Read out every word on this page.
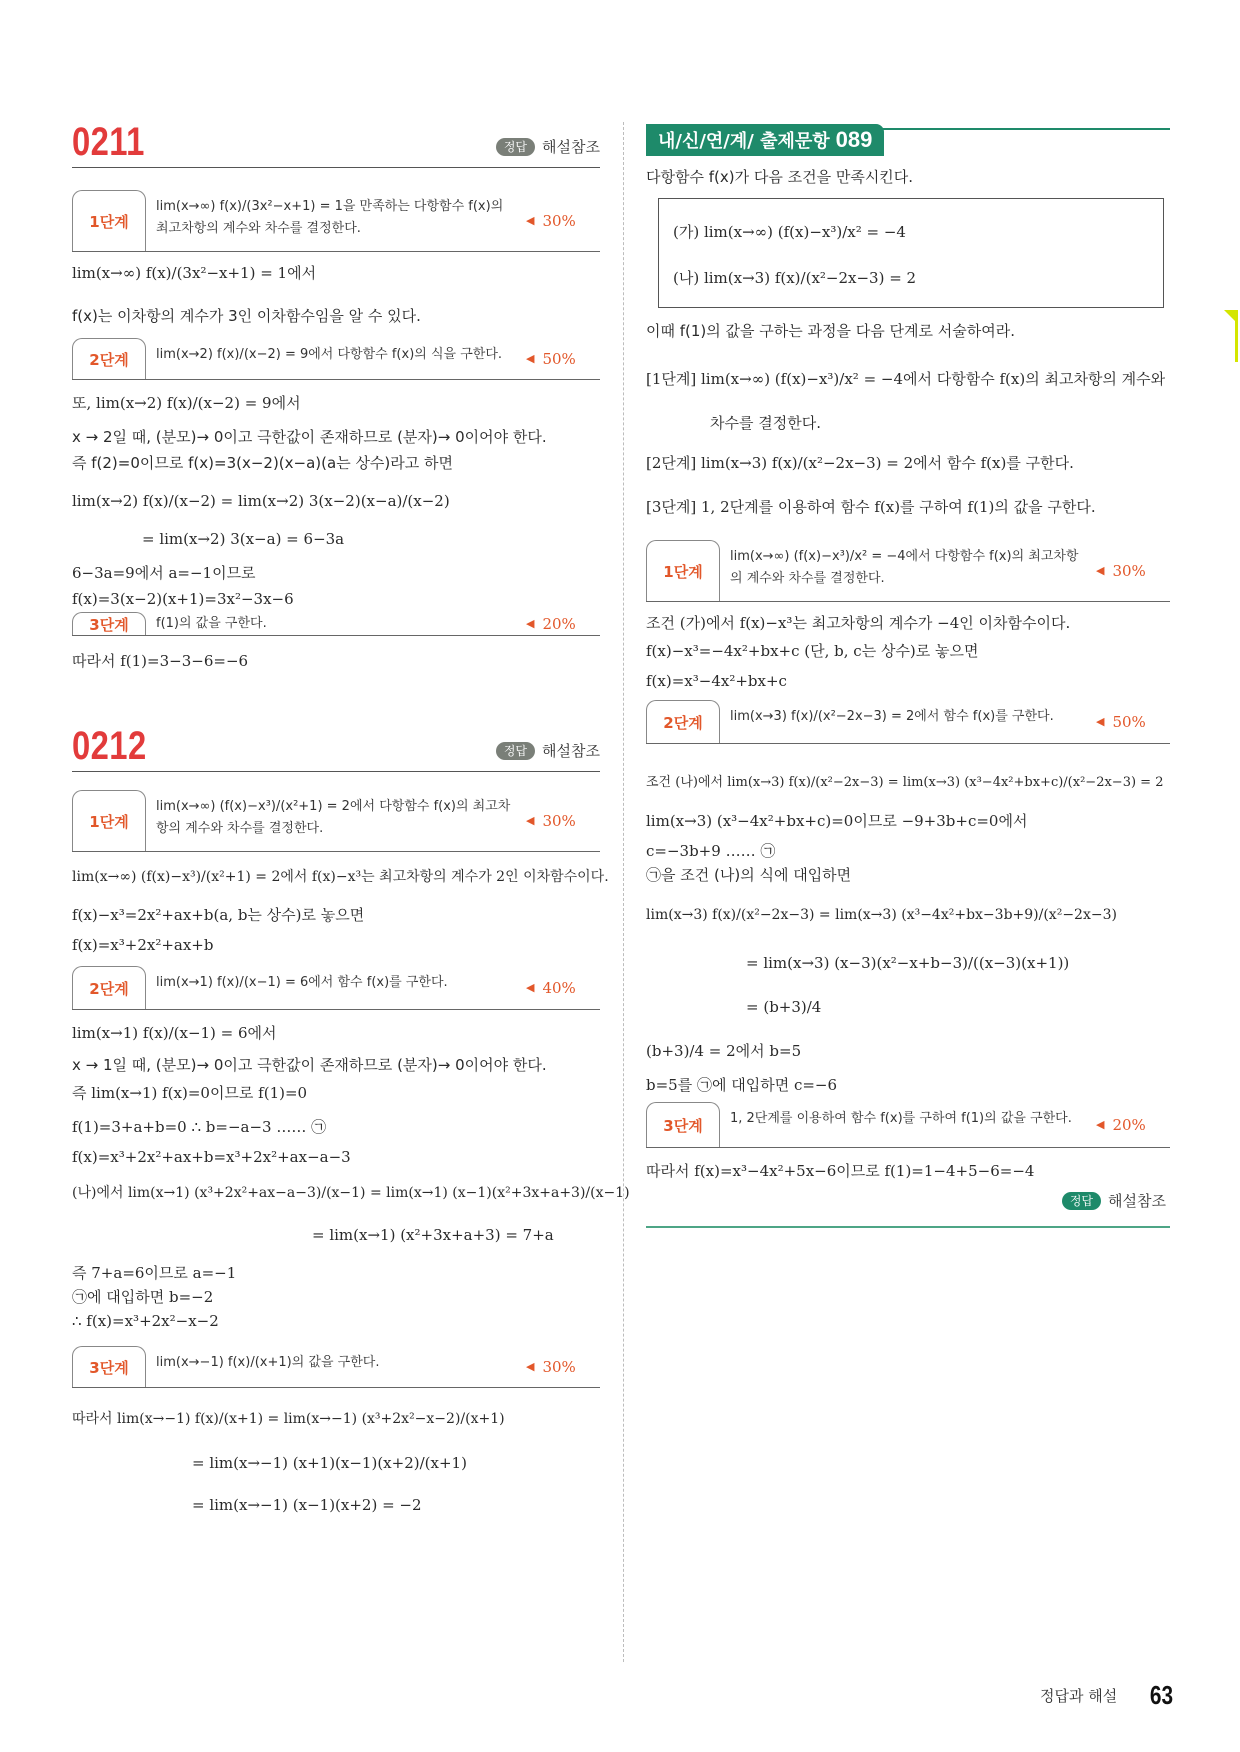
0211	정답	해설참조
1단계
lim(x→∞) f(x)/(3x²−x+1) = 1을 만족하는 다항함수 f(x)의 최고차항의 계수와 차수를 결정한다.
◀ 30%
lim(x→∞) f(x)/(3x²−x+1) = 1에서
f(x)는 이차항의 계수가 3인 이차함수임을 알 수 있다.
2단계	lim(x→2) f(x)/(x−2) = 9에서 다항함수 f(x)의 식을 구한다.	◀ 50%
또, lim(x→2) f(x)/(x−2) = 9에서
x → 2일 때, (분모)→ 0이고 극한값이 존재하므로 (분자)→ 0이어야 한다.
즉 f(2)=0이므로 f(x)=3(x−2)(x−a)(a는 상수)라고 하면
lim(x→2) f(x)/(x−2) = lim(x→2) 3(x−2)(x−a)/(x−2)
= lim(x→2) 3(x−a) = 6−3a
6−3a=9에서 a=−1이므로
f(x)=3(x−2)(x+1)=3x²−3x−6
3단계	f(1)의 값을 구한다.	◀ 20%
따라서 f(1)=3−3−6=−6
0212	정답	해설참조
1단계
lim(x→∞) (f(x)−x³)/(x²+1) = 2에서 다항함수 f(x)의 최고차항의 계수와 차수를 결정한다.
◀ 30%
lim(x→∞) (f(x)−x³)/(x²+1) = 2에서 f(x)−x³는 최고차항의 계수가 2인 이차함수이다.
f(x)−x³=2x²+ax+b(a, b는 상수)로 놓으면
f(x)=x³+2x²+ax+b
2단계	lim(x→1) f(x)/(x−1) = 6에서 함수 f(x)를 구한다.	◀ 40%
lim(x→1) f(x)/(x−1) = 6에서
x → 1일 때, (분모)→ 0이고 극한값이 존재하므로 (분자)→ 0이어야 한다.
즉 lim(x→1) f(x)=0이므로 f(1)=0
f(1)=3+a+b=0 ∴ b=−a−3 …… ㉠
f(x)=x³+2x²+ax+b=x³+2x²+ax−a−3
(나)에서 lim(x→1) (x³+2x²+ax−a−3)/(x−1) = lim(x→1) (x−1)(x²+3x+a+3)/(x−1)
= lim(x→1) (x²+3x+a+3) = 7+a
즉 7+a=6이므로 a=−1
㉠에 대입하면 b=−2
∴ f(x)=x³+2x²−x−2
3단계	lim(x→−1) f(x)/(x+1)의 값을 구한다.	◀ 30%
따라서 lim(x→−1) f(x)/(x+1) = lim(x→−1) (x³+2x²−x−2)/(x+1)
= lim(x→−1) (x+1)(x−1)(x+2)/(x+1)
= lim(x→−1) (x−1)(x+2) = −2
내/신/연/계/ 출제문항 089
다항함수 f(x)가 다음 조건을 만족시킨다.
(가) lim(x→∞) (f(x)−x³)/x² = −4
(나) lim(x→3) f(x)/(x²−2x−3) = 2
이때 f(1)의 값을 구하는 과정을 다음 단계로 서술하여라.
[1단계] lim(x→∞) (f(x)−x³)/x² = −4에서 다항함수 f(x)의 최고차항의 계수와
차수를 결정한다.
[2단계] lim(x→3) f(x)/(x²−2x−3) = 2에서 함수 f(x)를 구한다.
[3단계] 1, 2단계를 이용하여 함수 f(x)를 구하여 f(1)의 값을 구한다.
1단계
lim(x→∞) (f(x)−x³)/x² = −4에서 다항함수 f(x)의 최고차항의 계수와 차수를 결정한다.
◀ 30%
조건 (가)에서 f(x)−x³는 최고차항의 계수가 −4인 이차함수이다.
f(x)−x³=−4x²+bx+c (단, b, c는 상수)로 놓으면
f(x)=x³−4x²+bx+c
2단계	lim(x→3) f(x)/(x²−2x−3) = 2에서 함수 f(x)를 구한다.	◀ 50%
조건 (나)에서 lim(x→3) f(x)/(x²−2x−3) = lim(x→3) (x³−4x²+bx+c)/(x²−2x−3) = 2
lim(x→3) (x³−4x²+bx+c)=0이므로 −9+3b+c=0에서
c=−3b+9 …… ㉠
㉠을 조건 (나)의 식에 대입하면
lim(x→3) f(x)/(x²−2x−3) = lim(x→3) (x³−4x²+bx−3b+9)/(x²−2x−3)
= lim(x→3) (x−3)(x²−x+b−3)/((x−3)(x+1))
= (b+3)/4
(b+3)/4 = 2에서 b=5
b=5를 ㉠에 대입하면 c=−6
3단계	1, 2단계를 이용하여 함수 f(x)를 구하여 f(1)의 값을 구한다.	◀ 20%
따라서 f(x)=x³−4x²+5x−6이므로 f(1)=1−4+5−6=−4
정답	해설참조
정답과 해설 63
